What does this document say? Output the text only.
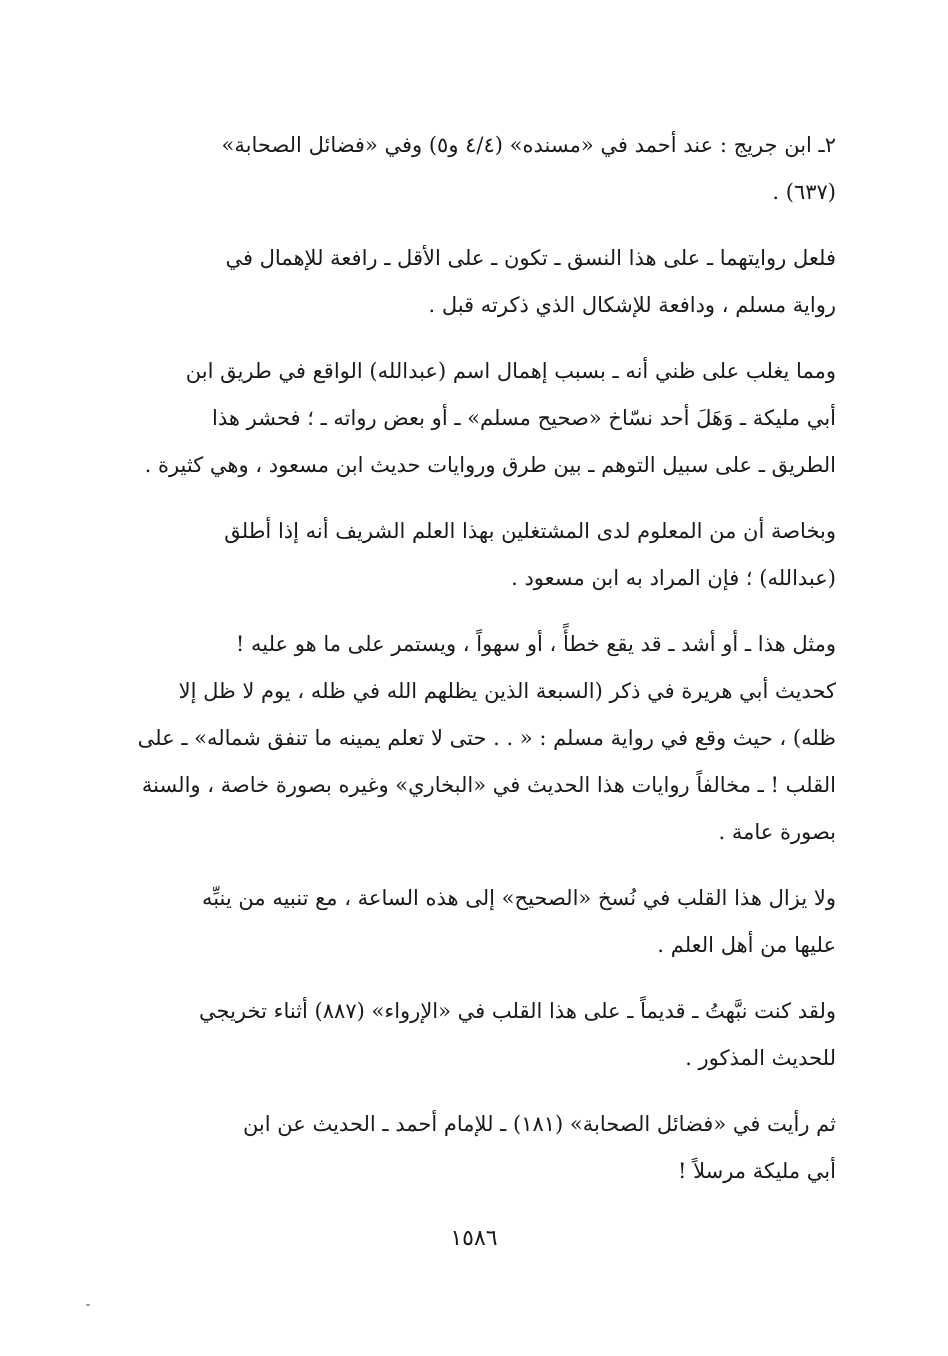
٢ـ ابن جريج : عند أحمد في «مسنده» (٤/٤ و٥) وفي «فضائل الصحابة»
(٦٣٧) .

فلعل روايتهما ـ على هذا النسق ـ تكون ـ على الأقل ـ رافعة للإهمال في
رواية مسلم ، ودافعة للإشكال الذي ذكرته قبل .

ومما يغلب على ظني أنه ـ بسبب إهمال اسم (عبدالله) الواقع في طريق ابن
أبي مليكة ـ وَهَلَ أحد نسّاخ «صحيح مسلم» ـ أو بعض رواته ـ ؛ فحشر هذا
الطريق ـ على سبيل التوهم ـ بين طرق وروايات حديث ابن مسعود ، وهي كثيرة .

وبخاصة أن من المعلوم لدى المشتغلين بهذا العلم الشريف أنه إذا أطلق
(عبدالله) ؛ فإن المراد به ابن مسعود .

ومثل هذا ـ أو أشد ـ قد يقع خطأً ، أو سهواً ، ويستمر على ما هو عليه !
كحديث أبي هريرة في ذكر (السبعة الذين يظلهم الله في ظله ، يوم لا ظل إلا
ظله) ، حيث وقع في رواية مسلم : « . . حتى لا تعلم يمينه ما تنفق شماله» ـ على
القلب ! ـ مخالفاً روايات هذا الحديث في «البخاري» وغيره بصورة خاصة ، والسنة
بصورة عامة .

ولا يزال هذا القلب في نُسخ «الصحيح» إلى هذه الساعة ، مع تنبيه من ينبِّه
عليها من أهل العلم .

ولقد كنت نبَّهتُ ـ قديماً ـ على هذا القلب في «الإرواء» (٨٨٧) أثناء تخريجي
للحديث المذكور .

ثم رأيت في «فضائل الصحابة» (١٨١) ـ للإمام أحمد ـ الحديث عن ابن
أبي مليكة مرسلاً !

١٥٨٦
